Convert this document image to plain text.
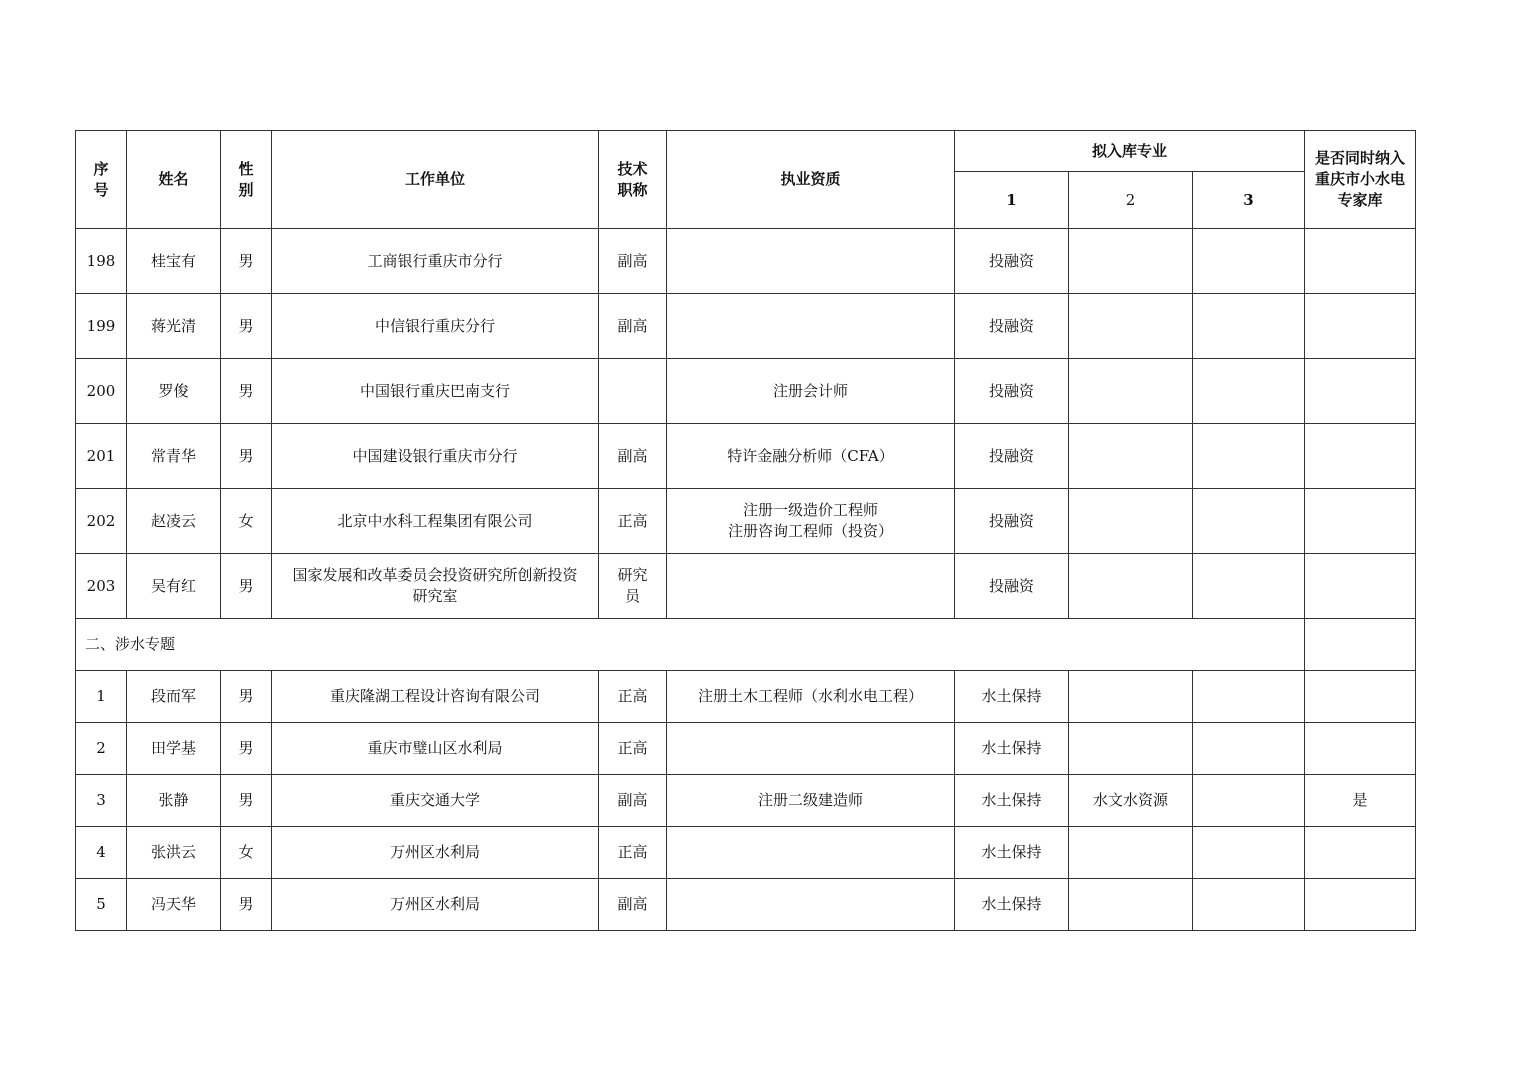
序号	姓名	性别	工作单位	技术职称	执业资质	拟入库专业			是否同时纳入重庆市小水电专家库
						1	2	3	
198	桂宝有	男	工商银行重庆市分行	副高		投融资			
199	蒋光清	男	中信银行重庆分行	副高		投融资			
200	罗俊	男	中国银行重庆巴南支行		注册会计师	投融资			
201	常青华	男	中国建设银行重庆市分行	副高	特许金融分析师（CFA）	投融资			
202	赵凌云	女	北京中水科工程集团有限公司	正高	注册一级造价工程师
注册咨询工程师（投资）	投融资			
203	吴有红	男	国家发展和改革委员会投资研究所创新投资研究室	研究员		投融资			
二、涉水专题									
1	段而军	男	重庆隆湖工程设计咨询有限公司	正高	注册土木工程师（水利水电工程）	水土保持			
2	田学基	男	重庆市璧山区水利局	正高		水土保持			
3	张静	男	重庆交通大学	副高	注册二级建造师	水土保持	水文水资源		是
4	张洪云	女	万州区水利局	正高		水土保持			
5	冯天华	男	万州区水利局	副高		水土保持			
